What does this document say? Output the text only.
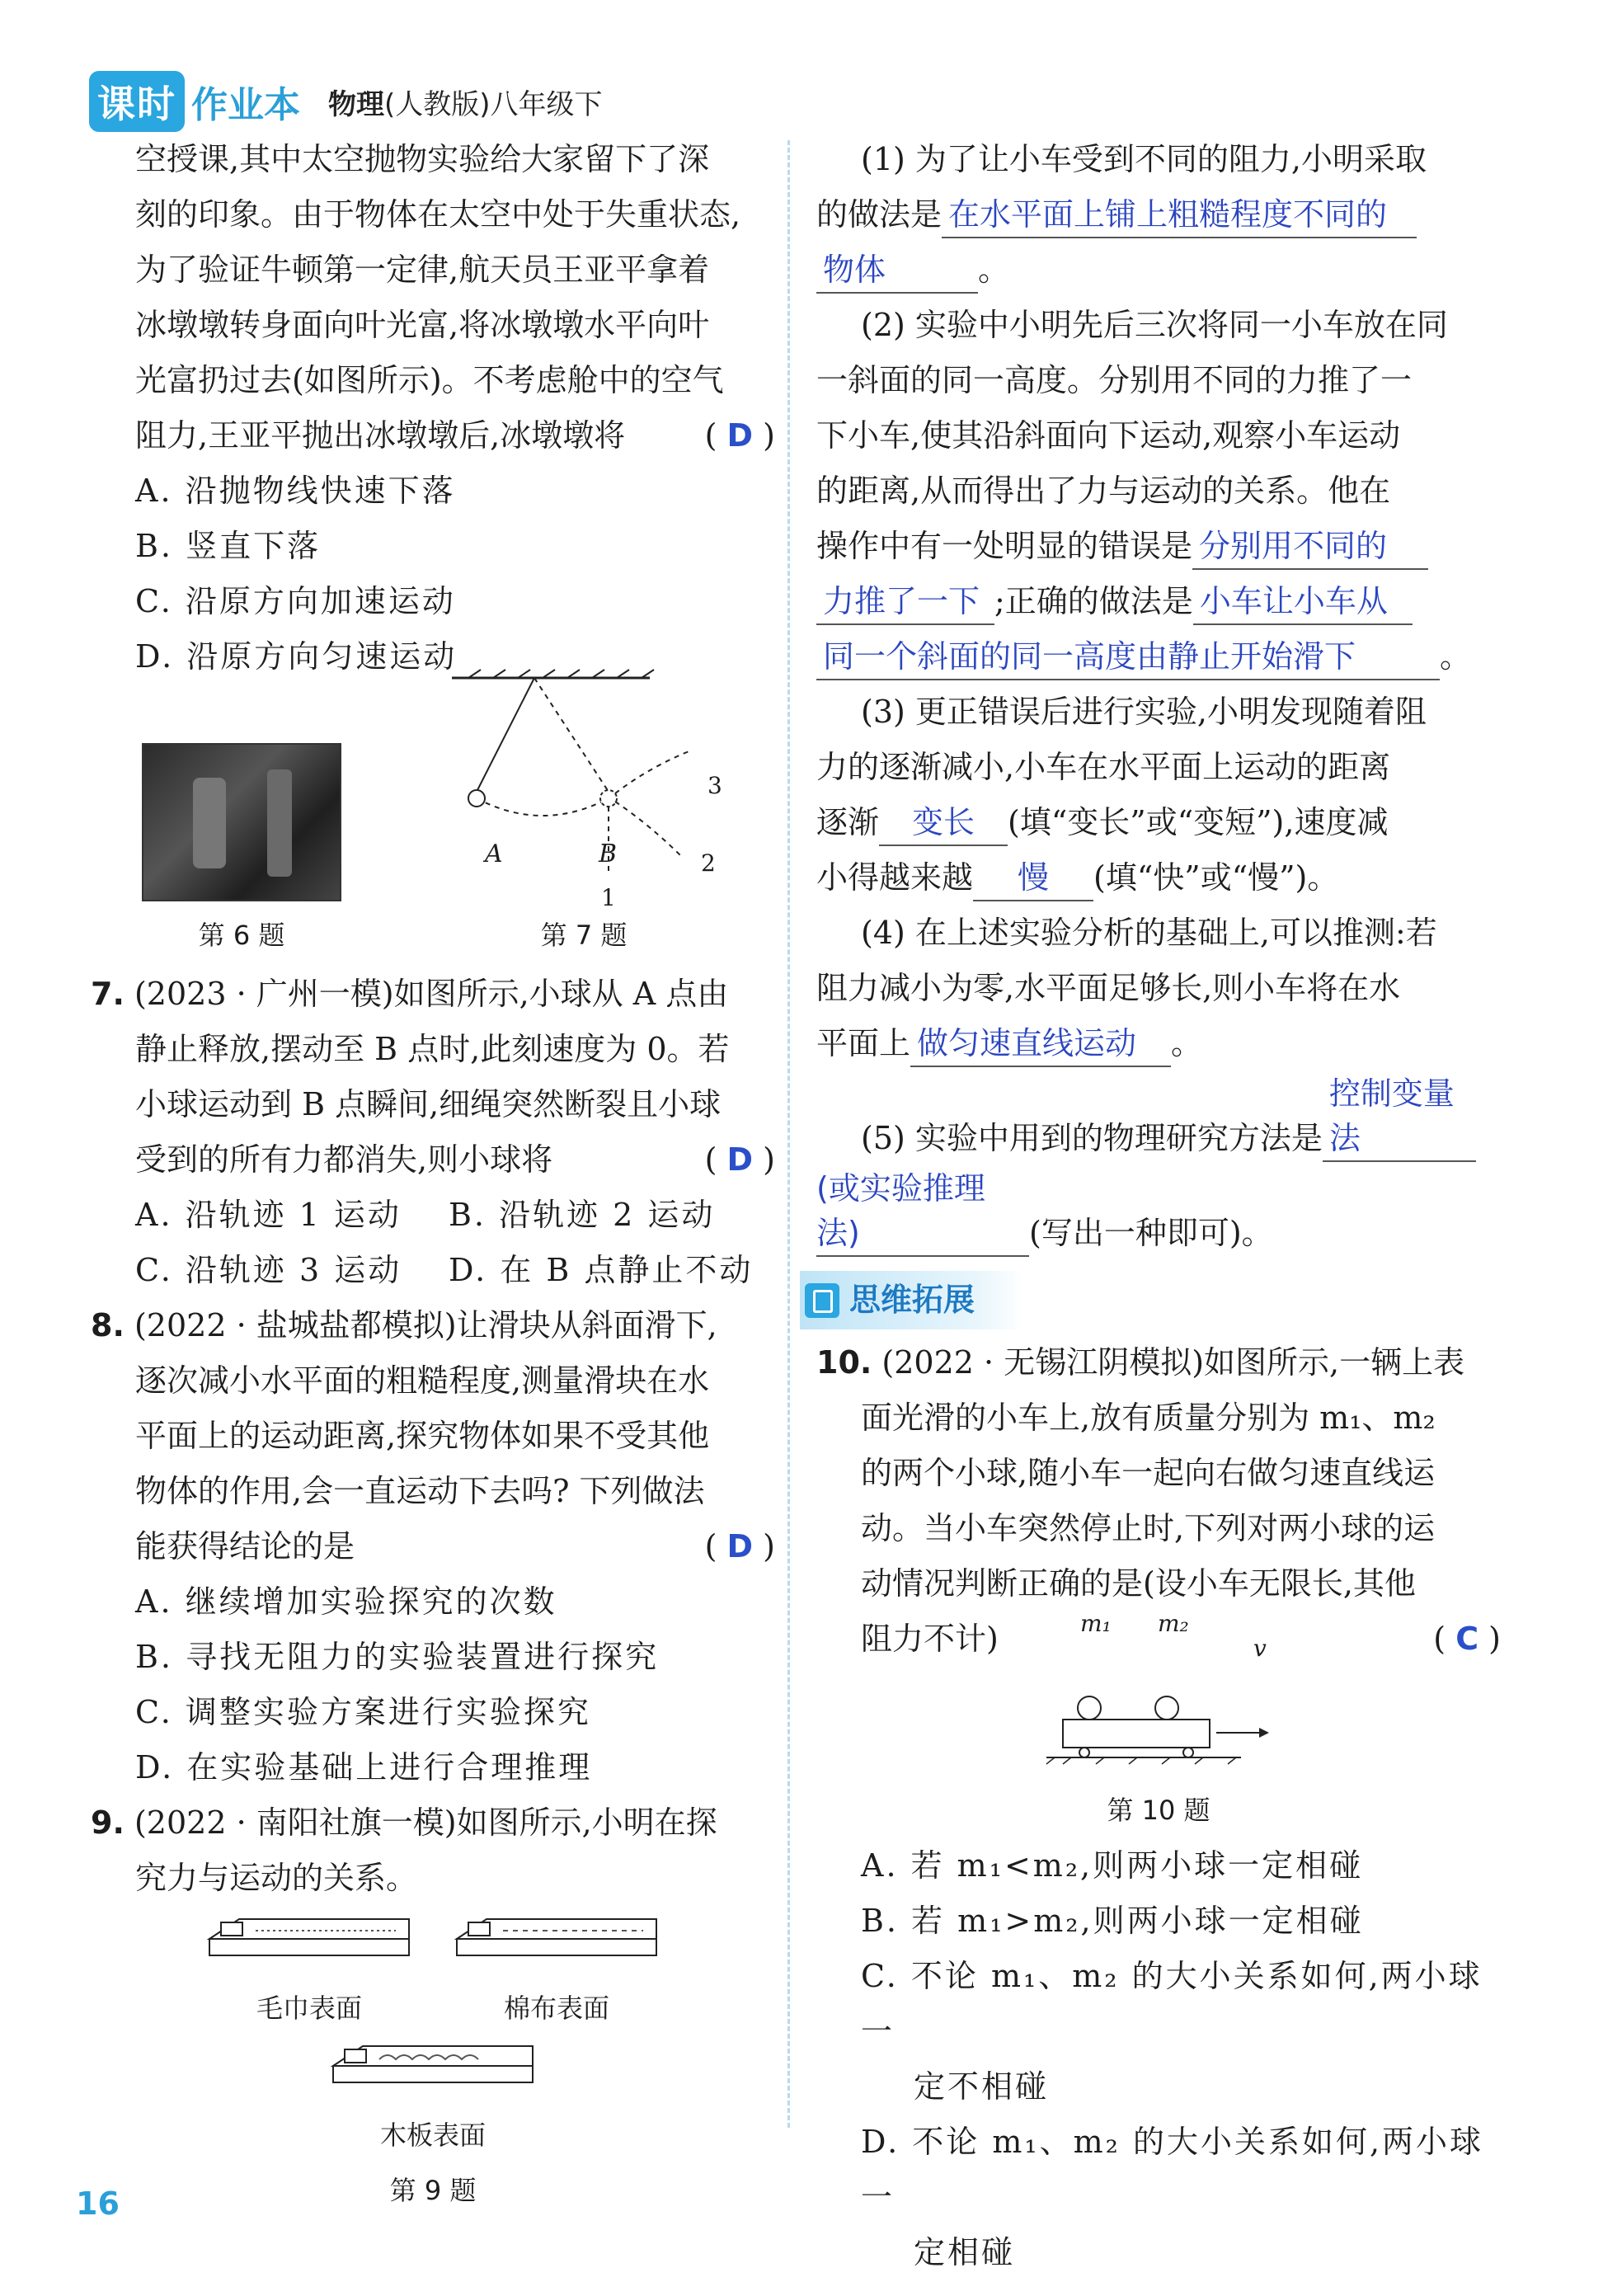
课时 作业本 物理(人教版)八年级下

空授课,其中太空抛物实验给大家留下了深

刻的印象。由于物体在太空中处于失重状态,

为了验证牛顿第一定律,航天员王亚平拿着

冰墩墩转身面向叶光富,将冰墩墩水平向叶

光富扔过去(如图所示)。不考虑舱中的空气

阻力,王亚平抛出冰墩墩后,冰墩墩将	( D )

A. 沿抛物线快速下落

B. 竖直下落

C. 沿原方向加速运动

D. 沿原方向匀速运动

第 6 题	第 7 题

7. (2023 · 广州一模)如图所示,小球从 A 点由

静止释放,摆动至 B 点时,此刻速度为 0。若

小球运动到 B 点瞬间,细绳突然断裂且小球

受到的所有力都消失,则小球将	( D )

A. 沿轨迹 1 运动 B. 沿轨迹 2 运动

C. 沿轨迹 3 运动 D. 在 B 点静止不动

8. (2022 · 盐城盐都模拟)让滑块从斜面滑下,

逐次减小水平面的粗糙程度,测量滑块在水

平面上的运动距离,探究物体如果不受其他

物体的作用,会一直运动下去吗? 下列做法

能获得结论的是	( D )

A. 继续增加实验探究的次数

B. 寻找无阻力的实验装置进行探究

C. 调整实验方案进行实验探究

D. 在实验基础上进行合理推理

9. (2022 · 南阳社旗一模)如图所示,小明在探

究力与运动的关系。

毛巾表面	棉布表面
木板表面
第 9 题

(1) 为了让小车受到不同的阻力,小明采取

的做法是 在水平面上铺上粗糙程度不同的

物体	。

(2) 实验中小明先后三次将同一小车放在同

一斜面的同一高度。分别用不同的力推了一

下小车,使其沿斜面向下运动,观察小车运动

的距离,从而得出了力与运动的关系。他在

操作中有一处明显的错误是 分别用不同的

力推了一下 ;正确的做法是 小车让小车从

同一个斜面的同一高度由静止开始滑下	。

(3) 更正错误后进行实验,小明发现随着阻

力的逐渐减小,小车在水平面上运动的距离

逐渐 变长 (填“变长”或“变短”),速度减

小得越来越 慢 (填“快”或“慢”)。

(4) 在上述实验分析的基础上,可以推测:若

阻力减小为零,水平面足够长,则小车将在水

平面上 做匀速直线运动 。

(5) 实验中用到的物理研究方法是控制变量法

(或实验推理法)	(写出一种即可)。

思维拓展

10. (2022 · 无锡江阴模拟)如图所示,一辆上表

面光滑的小车上,放有质量分别为 m₁、m₂

的两个小球,随小车一起向右做匀速直线运

动。当小车突然停止时,下列对两小球的运

动情况判断正确的是(设小车无限长,其他

阻力不计)	( C )

第 10 题

A. 若 m₁<m₂,则两小球一定相碰

B. 若 m₁>m₂,则两小球一定相碰

C. 不论 m₁、m₂ 的大小关系如何,两小球一

定不相碰

D. 不论 m₁、m₂ 的大小关系如何,两小球一

定相碰

16
A	B
1
2
3
m₁ m₂
v
